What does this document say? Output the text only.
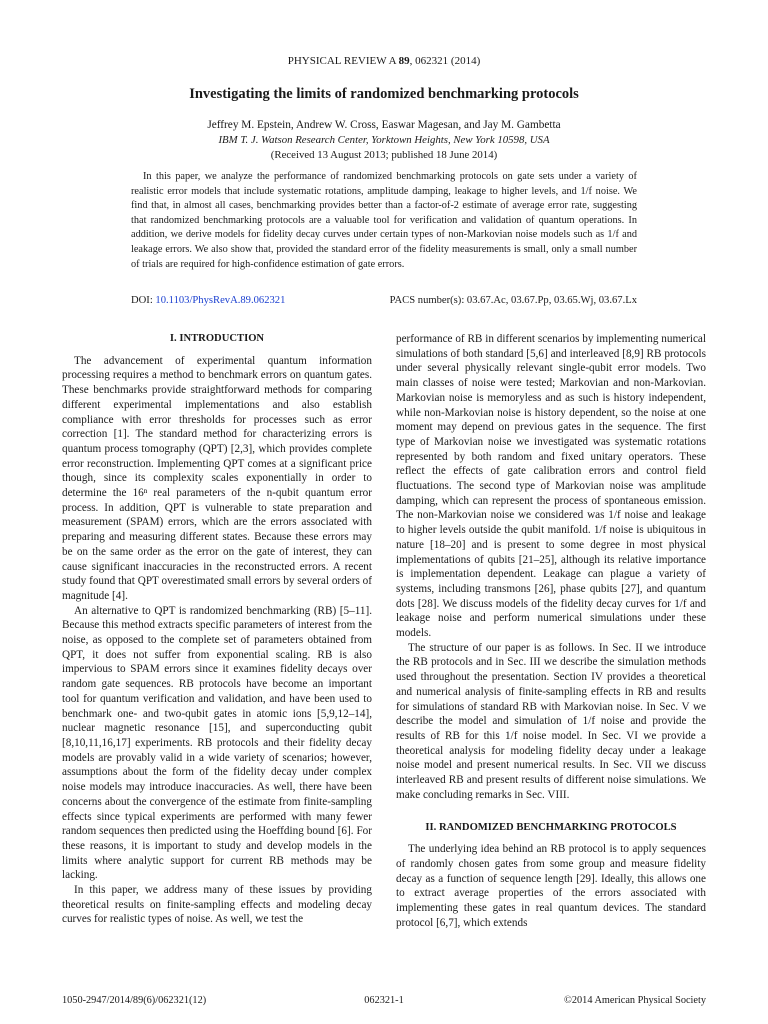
PHYSICAL REVIEW A 89, 062321 (2014)
Investigating the limits of randomized benchmarking protocols
Jeffrey M. Epstein, Andrew W. Cross, Easwar Magesan, and Jay M. Gambetta
IBM T. J. Watson Research Center, Yorktown Heights, New York 10598, USA
(Received 13 August 2013; published 18 June 2014)

In this paper, we analyze the performance of randomized benchmarking protocols on gate sets under a variety of realistic error models that include systematic rotations, amplitude damping, leakage to higher levels, and 1/f noise. We find that, in almost all cases, benchmarking provides better than a factor-of-2 estimate of average error rate, suggesting that randomized benchmarking protocols are a valuable tool for verification and validation of quantum operations. In addition, we derive models for fidelity decay curves under certain types of non-Markovian noise models such as 1/f and leakage errors. We also show that, provided the standard error of the fidelity measurements is small, only a small number of trials are required for high-confidence estimation of gate errors.

DOI: 10.1103/PhysRevA.89.062321	PACS number(s): 03.67.Ac, 03.67.Pp, 03.65.Wj, 03.67.Lx
I. INTRODUCTION

The advancement of experimental quantum information processing requires a method to benchmark errors on quantum gates. These benchmarks provide straightforward methods for comparing different experimental implementations and also establish compliance with error thresholds for processes such as error correction [1]. The standard method for characterizing errors is quantum process tomography (QPT) [2,3], which provides complete error reconstruction. Implementing QPT comes at a significant price though, since its complexity scales exponentially in order to determine the 16ⁿ real parameters of the n-qubit quantum error process. In addition, QPT is vulnerable to state preparation and measurement (SPAM) errors, which are the errors associated with preparing and measuring different states. Because these errors may be on the same order as the error on the gate of interest, they can cause significant inaccuracies in the reconstructed errors. A recent study found that QPT overestimated small errors by several orders of magnitude [4].

An alternative to QPT is randomized benchmarking (RB) [5–11]. Because this method extracts specific parameters of interest from the noise, as opposed to the complete set of parameters obtained from QPT, it does not suffer from exponential scaling. RB is also impervious to SPAM errors since it examines fidelity decays over random gate sequences. RB protocols have become an important tool for quantum verification and validation, and have been used to benchmark one- and two-qubit gates in atomic ions [5,9,12–14], nuclear magnetic resonance [15], and superconducting qubit [8,10,11,16,17] experiments. RB protocols and their fidelity decay models are provably valid in a wide variety of scenarios; however, assumptions about the form of the fidelity decay under complex noise models may introduce inaccuracies. As well, there have been concerns about the convergence of the estimate from finite-sampling effects since typical experiments are performed with many fewer random sequences then predicted using the Hoeffding bound [6]. For these reasons, it is important to study and develop models in the limits where analytic support for current RB methods may be lacking.

In this paper, we address many of these issues by providing theoretical results on finite-sampling effects and modeling decay curves for realistic types of noise. As well, we test the

performance of RB in different scenarios by implementing numerical simulations of both standard [5,6] and interleaved [8,9] RB protocols under several physically relevant single-qubit error models. Two main classes of noise were tested; Markovian and non-Markovian. Markovian noise is memoryless and as such is history independent, while non-Markovian noise is history dependent, so the noise at one moment may depend on previous gates in the sequence. The first type of Markovian noise we investigated was systematic rotations represented by both random and fixed unitary operators. These reflect the effects of gate calibration errors and control field fluctuations. The second type of Markovian noise was amplitude damping, which can represent the process of spontaneous emission. The non-Markovian noise we considered was 1/f noise and leakage to higher levels outside the qubit manifold. 1/f noise is ubiquitous in nature [18–20] and is present to some degree in most physical implementations of qubits [21–25], although its relative importance is implementation dependent. Leakage can plague a variety of systems, including transmons [26], phase qubits [27], and quantum dots [28]. We discuss models of the fidelity decay curves for 1/f and leakage noise and perform numerical simulations under these models.

The structure of our paper is as follows. In Sec. II we introduce the RB protocols and in Sec. III we describe the simulation methods used throughout the presentation. Section IV provides a theoretical and numerical analysis of finite-sampling effects in RB and results for simulations of standard RB with Markovian noise. In Sec. V we describe the model and simulation of 1/f noise and provide the results of RB for this 1/f noise model. In Sec. VI we provide a theoretical analysis for modeling fidelity decay under a leakage noise model and present numerical results. In Sec. VII we discuss interleaved RB and present results of different noise simulations. We make concluding remarks in Sec. VIII.

II. RANDOMIZED BENCHMARKING PROTOCOLS

The underlying idea behind an RB protocol is to apply sequences of randomly chosen gates from some group and measure fidelity decay as a function of sequence length [29]. Ideally, this allows one to extract average properties of the errors associated with implementing these gates in real quantum devices. The standard protocol [6,7], which extends

1050-2947/2014/89(6)/062321(12)	062321-1	©2014 American Physical Society
